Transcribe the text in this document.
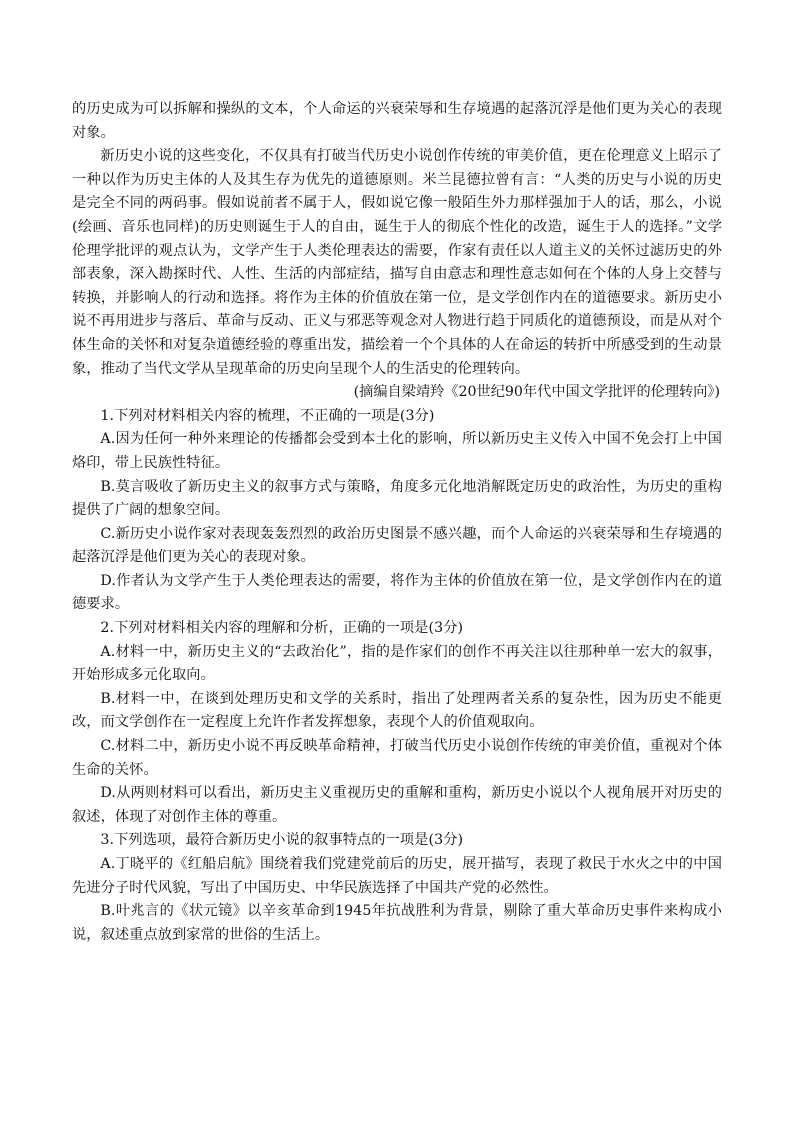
的历史成为可以拆解和操纵的文本，个人命运的兴衰荣辱和生存境遇的起落沉浮是他们更为关心的表现对象。

新历史小说的这些变化，不仅具有打破当代历史小说创作传统的审美价值，更在伦理意义上昭示了一种以作为历史主体的人及其生存为优先的道德原则。米兰昆德拉曾有言：“人类的历史与小说的历史是完全不同的两码事。假如说前者不属于人，假如说它像一般陌生外力那样强加于人的话，那么，小说(绘画、音乐也同样)的历史则诞生于人的自由，诞生于人的彻底个性化的改造，诞生于人的选择。”文学伦理学批评的观点认为，文学产生于人类伦理表达的需要，作家有责任以人道主义的关怀过滤历史的外部表象，深入勘探时代、人性、生活的内部症结，描写自由意志和理性意志如何在个体的人身上交替与转换，并影响人的行动和选择。将作为主体的价值放在第一位，是文学创作内在的道德要求。新历史小说不再用进步与落后、革命与反动、正义与邪恶等观念对人物进行趋于同质化的道德预设，而是从对个体生命的关怀和对复杂道德经验的尊重出发，描绘着一个个具体的人在命运的转折中所感受到的生动景象，推动了当代文学从呈现革命的历史向呈现个人的生活史的伦理转向。

(摘编自梁靖羚《20世纪90年代中国文学批评的伦理转向》)

1.下列对材料相关内容的梳理，不正确的一项是(3分)

A.因为任何一种外来理论的传播都会受到本土化的影响，所以新历史主义传入中国不免会打上中国烙印，带上民族性特征。

B.莫言吸收了新历史主义的叙事方式与策略，角度多元化地消解既定历史的政治性，为历史的重构提供了广阔的想象空间。

C.新历史小说作家对表现轰轰烈烈的政治历史图景不感兴趣，而个人命运的兴衰荣辱和生存境遇的起落沉浮是他们更为关心的表现对象。

D.作者认为文学产生于人类伦理表达的需要，将作为主体的价值放在第一位，是文学创作内在的道德要求。

2.下列对材料相关内容的理解和分析，正确的一项是(3分)

A.材料一中，新历史主义的“去政治化”，指的是作家们的创作不再关注以往那种单一宏大的叙事，开始形成多元化取向。

B.材料一中，在谈到处理历史和文学的关系时，指出了处理两者关系的复杂性，因为历史不能更改，而文学创作在一定程度上允许作者发挥想象，表现个人的价值观取向。

C.材料二中，新历史小说不再反映革命精神，打破当代历史小说创作传统的审美价值，重视对个体生命的关怀。

D.从两则材料可以看出，新历史主义重视历史的重解和重构，新历史小说以个人视角展开对历史的叙述，体现了对创作主体的尊重。

3.下列选项，最符合新历史小说的叙事特点的一项是(3分)

A.丁晓平的《红船启航》围绕着我们党建党前后的历史，展开描写，表现了救民于水火之中的中国先进分子时代风貌，写出了中国历史、中华民族选择了中国共产党的必然性。

B.叶兆言的《状元镜》以辛亥革命到1945年抗战胜利为背景，剔除了重大革命历史事件来构成小说，叙述重点放到家常的世俗的生活上。
